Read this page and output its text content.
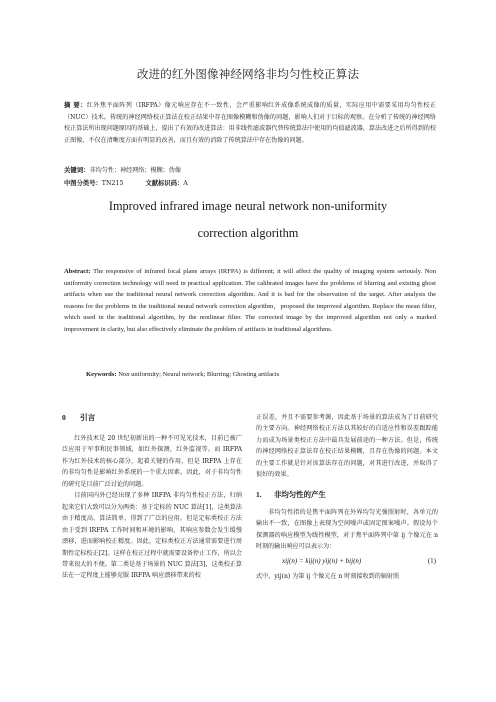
改进的红外图像神经网络非均匀性校正算法
摘 要：红外焦平面阵列（IRFPA）像元响应存在不一致性，会严重影响红外成像系统成像的质量，实际应用中需要采用均匀性校正（NUC）技术。传统的神经网络校正算法在校正结果中存在图像模糊和伪像的问题，影响人们对于目标的观察。在分析了传统的神经网络校正算法所出现问题原因的基础上，提出了有效的改进算法：用非线性滤波器代替传统算法中使用的均值滤波器，算法改进之后所得到的校正图像，不仅在清晰度方面有明显的改善，而且有效的消除了传统算法中存在伪像的问题。
关键词：非均匀性；神经网络；模糊；伪像
中图分类号：TN215	文献标识码：A
Improved infrared image neural network non-uniformity
correction algorithm
Abstract: The responsive of infrared focal plane arrays (IRFPA) is different; it will affect the quality of imaging system seriously. Non uniformity correction technology will need in practical application. The calibrated images have the problems of blurring and existing ghost artifacts when use the traditional neural network correction algorithm. And it is bad for the observation of the target. After analysis the reasons for the problems in the traditional neural network correction algorithm，proposed the improved algorithm. Replace the mean filter, which used in the traditional algorithm, by the nonlinear filter. The corrected image by the improved algorithm not only a marked improvement in clarity, but also effectively eliminate the problem of artifacts in traditional algorithms.
Keywords: Non uniformity; Neural network; Blurring; Ghosting artifacts
0 引言

红外技术是 20 世纪初新出的一种不可见光技术，目前已被广泛应用于军事和民事领域，如红外探测，红外监视等。而 IRFPA 作为红外技术的核心部分，起着关键的作用，但是 IRFPA 上存在的非均匀性是影响红外系统的一个重大因素。因此，对于非均匀性的研究是目前广泛讨论的问题。

目前国内外已经出现了多种 IRFPA 非均匀性校正方法，归纳起来它们大致可以分为两类：基于定标的 NUC 算法[1]，这类算法由于精度高、算法简单，得到了广泛的应用。但是定标类校正方法由于受到 IRFPA 工作时间和环境的影响，其响应参数会发生缓慢漂移，进而影响校正精度。因此，定标类校正方法通常需要进行周期性定标校正[2]。这样在校正过程中就需要设备停止工作，所以会带来很大的不便。第二类是基于场景的 NUC 算法[3]，这类校正算法在一定程度上能够克服 IRFPA 响应漂移带来的校

正误差，并且不需要参考源，因此基于场景的算法成为了目前研究的主要方向。神经网络校正方法以其较好的自适应性和误差跟踪能力而成为场景类校正方法中最具发展前途的一种方法。但是，传统的神经网络校正算法存在校正结果模糊，且存在伪像的问题。本文的主要工作就是针对该算法存在的问题，对其进行改进，并取得了很好的效果。

1. 非均匀性的产生

非均匀性指的是焦平面阵列在外界均匀光强照射时，各单元的输出不一致，在图像上表现为空间噪声或固定图案噪声。假设每个探测器的响应模型为线性模型，对于焦平面阵列中第 ij 个像元在 n 时刻的输出响应可以表示为：

xij(n) = kij(n) yij(n) + bij(n)	(1)

式中，yij(n) 为第 ij 个像元在 n 时刻接收到的辐射照
